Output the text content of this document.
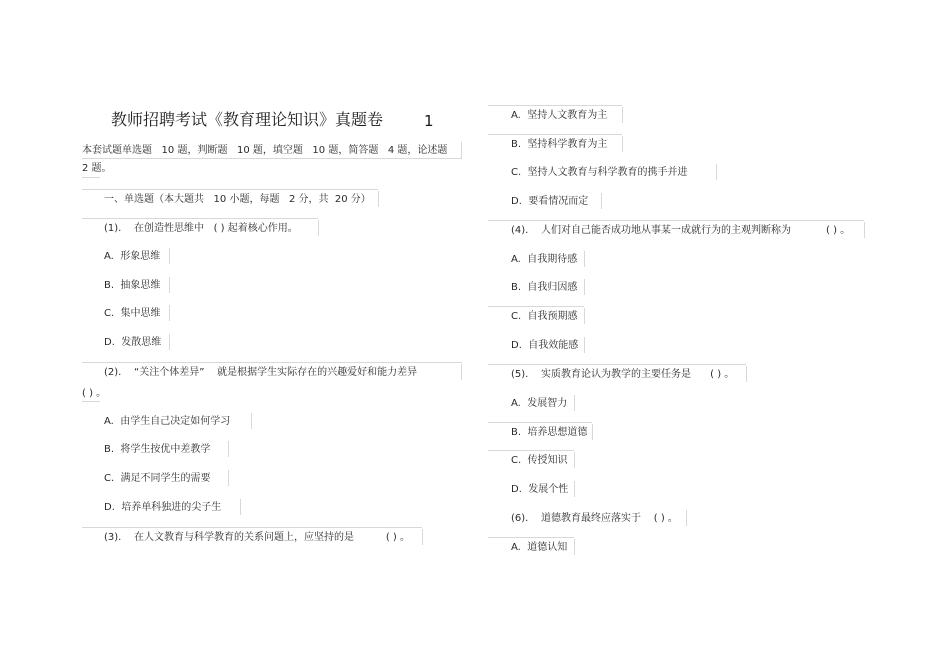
教师招聘考试《教育理论知识》真题卷	1
本套试题单选题   10 题，判断题   10 题，填空题   10 题，简答题   4 题，论述题
2 题。
一、单选题（本大题共   10 小题，每题   2 分，共  20 分）
(1).    在创造性思维中   ( ) 起着核心作用。
A.  形象思维
B.  抽象思维
C.  集中思维
D.  发散思维
(2).    “关注个体差异”    就是根据学生实际存在的兴趣爱好和能力差异
( ) 。
A.  由学生自己决定如何学习
B.  将学生按优中差教学
C.  满足不同学生的需要
D.  培养单科独进的尖子生
(3).    在人文教育与科学教育的关系问题上，应坚持的是          ( ) 。
A.  坚持人文教育为主
B.  坚持科学教育为主
C.  坚持人文教育与科学教育的携手并进
D.  要看情况而定
(4).    人们对自己能否成功地从事某一成就行为的主观判断称为           ( ) 。
A.  自我期待感
B.  自我归因感
C.  自我预期感
D.  自我效能感
(5).    实质教育论认为教学的主要任务是      ( ) 。
A.  发展智力
B.  培养思想道德
C.  传授知识
D.  发展个性
(6).    道德教育最终应落实于    ( ) 。
A.  道德认知
